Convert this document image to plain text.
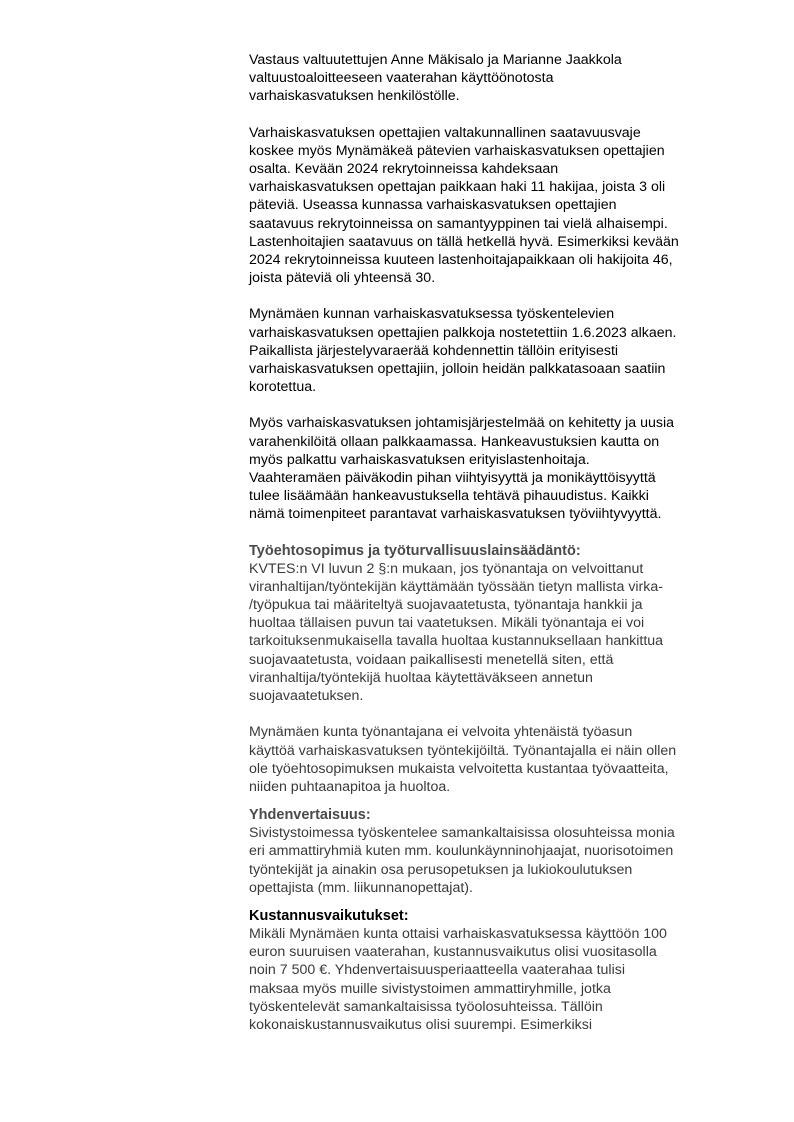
Vastaus valtuutettujen Anne Mäkisalo ja Marianne Jaakkola
valtuustoaloitteeseen vaaterahan käyttöönotosta
varhaiskasvatuksen henkilöstölle.

Varhaiskasvatuksen opettajien valtakunnallinen saatavuusvaje
koskee myös Mynämäkeä pätevien varhaiskasvatuksen opettajien
osalta. Kevään 2024 rekrytoinneissa kahdeksaan
varhaiskasvatuksen opettajan paikkaan haki 11 hakijaa, joista 3 oli
päteviä. Useassa kunnassa varhaiskasvatuksen opettajien
saatavuus rekrytoinneissa on samantyyppinen tai vielä alhaisempi.
Lastenhoitajien saatavuus on tällä hetkellä hyvä. Esimerkiksi kevään
2024 rekrytoinneissa kuuteen lastenhoitajapaikkaan oli hakijoita 46,
joista päteviä oli yhteensä 30.

Mynämäen kunnan varhaiskasvatuksessa työskentelevien
varhaiskasvatuksen opettajien palkkoja nostetettiin 1.6.2023 alkaen.
Paikallista järjestelyvaraerää kohdennettin tällöin erityisesti
varhaiskasvatuksen opettajiin, jolloin heidän palkkatasoaan saatiin
korotettua.

Myös varhaiskasvatuksen johtamisjärjestelmää on kehitetty ja uusia
varahenkilöitä ollaan palkkaamassa. Hankeavustuksien kautta on
myös palkattu varhaiskasvatuksen erityislastenhoitaja.
Vaahteramäen päiväkodin pihan viihtyisyyttä ja monikäyttöisyyttä
tulee lisäämään hankeavustuksella tehtävä pihauudistus. Kaikki
nämä toimenpiteet parantavat varhaiskasvatuksen työviihtyvyyttä.

Työehtosopimus ja työturvallisuuslainsäädäntö:

KVTES:n VI luvun 2 §:n mukaan, jos työnantaja on velvoittanut
viranhaltijan/työntekijän käyttämään työssään tietyn mallista virka-
/työpukua tai määriteltyä suojavaatetusta, työnantaja hankkii ja
huoltaa tällaisen puvun tai vaatetuksen. Mikäli työnantaja ei voi
tarkoituksenmukaisella tavalla huoltaa kustannuksellaan hankittua
suojavaatetusta, voidaan paikallisesti menetellä siten, että
viranhaltija/työntekijä huoltaa käytettäväkseen annetun
suojavaatetuksen.

Mynämäen kunta työnantajana ei velvoita yhtenäistä työasun
käyttöä varhaiskasvatuksen työntekijöiltä. Työnantajalla ei näin ollen
ole työehtosopimuksen mukaista velvoitetta kustantaa työvaatteita,
niiden puhtaanapitoa ja huoltoa.

Yhdenvertaisuus:

Sivistystoimessa työskentelee samankaltaisissa olosuhteissa monia
eri ammattiryhmiä kuten mm. koulunkäynninohjaajat, nuorisotoimen
työntekijät ja ainakin osa perusopetuksen ja lukiokoulutuksen
opettajista (mm. liikunnanopettajat).

Kustannusvaikutukset:

Mikäli Mynämäen kunta ottaisi varhaiskasvatuksessa käyttöön 100
euron suuruisen vaaterahan, kustannusvaikutus olisi vuositasolla
noin 7 500 €. Yhdenvertaisuusperiaatteella vaaterahaa tulisi
maksaa myös muille sivistystoimen ammattiryhmille, jotka
työskentelevät samankaltaisissa työolosuhteissa. Tällöin
kokonaiskustannusvaikutus olisi suurempi. Esimerkiksi
